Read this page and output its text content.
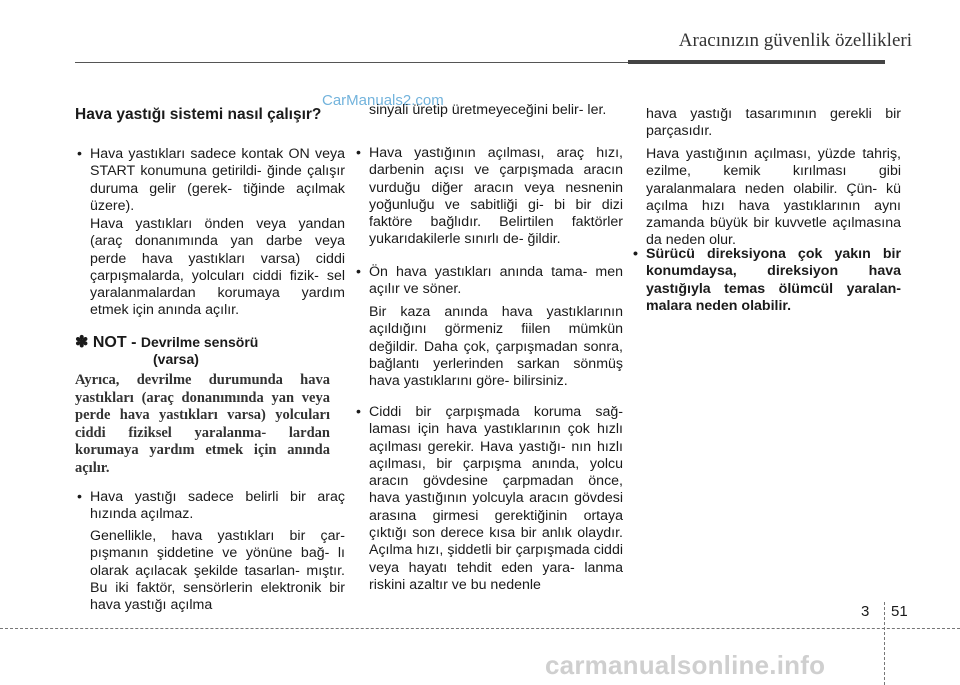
Aracınızın güvenlik özellikleri
CarManuals2.com
Hava yastığı sistemi nasıl çalışır?
• Hava yastıkları sadece kontak ON veya START konumuna getirildi- ğinde çalışır duruma gelir (gerek- tiğinde açılmak üzere).
Hava yastıkları önden veya yandan (araç donanımında yan darbe veya perde hava yastıkları varsa) ciddi çarpışmalarda, yolcuları ciddi fizik- sel yaralanmalardan korumaya yardım etmek için anında açılır.
✽ NOT - Devrilme sensörü
(varsa)
Ayrıca, devrilme durumunda hava yastıkları (araç donanımında yan veya perde hava yastıkları varsa) yolcuları ciddi fiziksel yaralanma- lardan korumaya yardım etmek için anında açılır.
• Hava yastığı sadece belirli bir araç hızında açılmaz.
Genellikle, hava yastıkları bir çar- pışmanın şiddetine ve yönüne bağ- lı olarak açılacak şekilde tasarlan- mıştır. Bu iki faktör, sensörlerin elektronik bir hava yastığı açılma
sinyali üretip üretmeyeceğini belir- ler.
• Hava yastığının açılması, araç hızı, darbenin açısı ve çarpışmada aracın vurduğu diğer aracın veya nesnenin yoğunluğu ve sabitliği gi- bi bir dizi faktöre bağlıdır. Belirtilen faktörler yukarıdakilerle sınırlı de- ğildir.
• Ön hava yastıkları anında tama- men açılır ve söner.
Bir kaza anında hava yastıklarının açıldığını görmeniz fiilen mümkün değildir. Daha çok, çarpışmadan sonra, bağlantı yerlerinden sarkan sönmüş hava yastıklarını göre- bilirsiniz.
• Ciddi bir çarpışmada koruma sağ- laması için hava yastıklarının çok hızlı açılması gerekir. Hava yastığı- nın hızlı açılması, bir çarpışma anında, yolcu aracın gövdesine çarpmadan önce, hava yastığının yolcuyla aracın gövdesi arasına girmesi gerektiğinin ortaya çıktığı son derece kısa bir anlık olaydır. Açılma hızı, şiddetli bir çarpışmada ciddi veya hayatı tehdit eden yara- lanma riskini azaltır ve bu nedenle
hava yastığı tasarımının gerekli bir parçasıdır.
Hava yastığının açılması, yüzde tahriş, ezilme, kemik kırılması gibi yaralanmalara neden olabilir. Çün- kü açılma hızı hava yastıklarının aynı zamanda büyük bir kuvvetle açılmasına da neden olur.
• Sürücü direksiyona çok yakın bir konumdaysa, direksiyon hava yastığıyla temas ölümcül yaralan- malara neden olabilir.
3 51
carmanualsonline.info
